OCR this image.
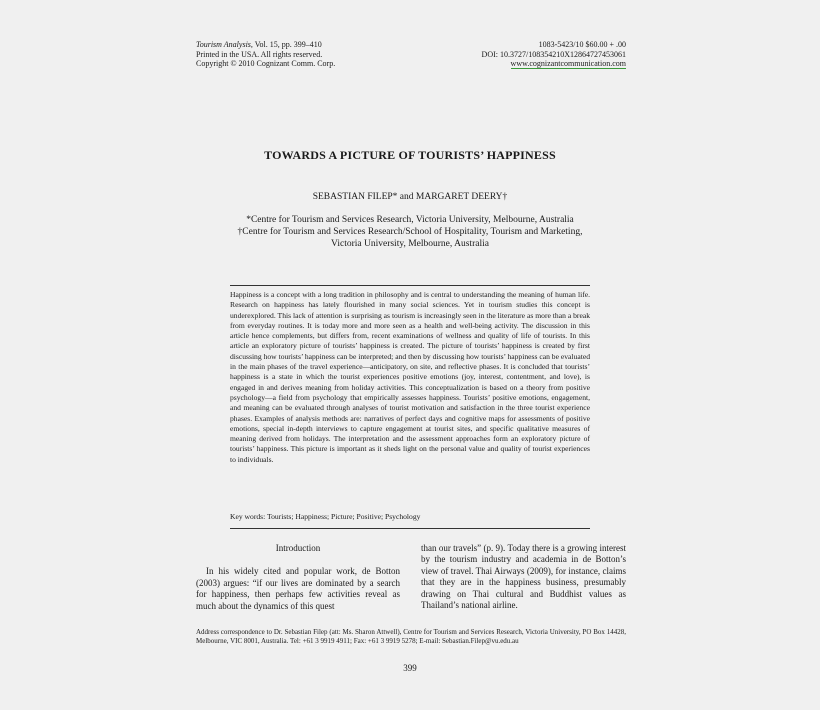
Tourism Analysis, Vol. 15, pp. 399–410
Printed in the USA. All rights reserved.
Copyright © 2010 Cognizant Comm. Corp.
1083-5423/10 $60.00 + .00
DOI: 10.3727/108354210X12864727453061
www.cognizantcommunication.com
TOWARDS A PICTURE OF TOURISTS’ HAPPINESS
SEBASTIAN FILEP* and MARGARET DEERY†
*Centre for Tourism and Services Research, Victoria University, Melbourne, Australia
†Centre for Tourism and Services Research/School of Hospitality, Tourism and Marketing,
Victoria University, Melbourne, Australia
Happiness is a concept with a long tradition in philosophy and is central to understanding the meaning of human life. Research on happiness has lately flourished in many social sciences. Yet in tourism studies this concept is underexplored. This lack of attention is surprising as tourism is increasingly seen in the literature as more than a break from everyday routines. It is today more and more seen as a health and well-being activity. The discussion in this article hence complements, but differs from, recent examinations of wellness and quality of life of tourists. In this article an exploratory picture of tourists’ happiness is created. The picture of tourists’ happiness is created by first discussing how tourists’ happiness can be interpreted; and then by discussing how tourists’ happiness can be evaluated in the main phases of the travel experience—anticipatory, on site, and reflective phases. It is concluded that tourists’ happiness is a state in which the tourist experiences positive emotions (joy, interest, contentment, and love), is engaged in and derives meaning from holiday activities. This conceptualization is based on a theory from positive psychology—a field from psychology that empirically assesses happiness. Tourists’ positive emotions, engagement, and meaning can be evaluated through analyses of tourist motivation and satisfaction in the three tourist experience phases. Examples of analysis methods are: narratives of perfect days and cognitive maps for assessments of positive emotions, special in-depth interviews to capture engagement at tourist sites, and specific qualitative measures of meaning derived from holidays. The interpretation and the assessment approaches form an exploratory picture of tourists’ happiness. This picture is important as it sheds light on the personal value and quality of tourist experiences to individuals.
Key words: Tourists; Happiness; Picture; Positive; Psychology
Introduction

In his widely cited and popular work, de Botton (2003) argues: “if our lives are dominated by a search for happiness, then perhaps few activities reveal as much about the dynamics of this quest

than our travels” (p. 9). Today there is a growing interest by the tourism industry and academia in de Botton’s view of travel. Thai Airways (2009), for instance, claims that they are in the happiness business, presumably drawing on Thai cultural and Buddhist values as Thailand’s national airline.

Address correspondence to Dr. Sebastian Filep (att: Ms. Sharon Attwell), Centre for Tourism and Services Research, Victoria University, PO Box 14428, Melbourne, VIC 8001, Australia. Tel: +61 3 9919 4911; Fax: +61 3 9919 5278; E-mail: Sebastian.Filep@vu.edu.au
399
